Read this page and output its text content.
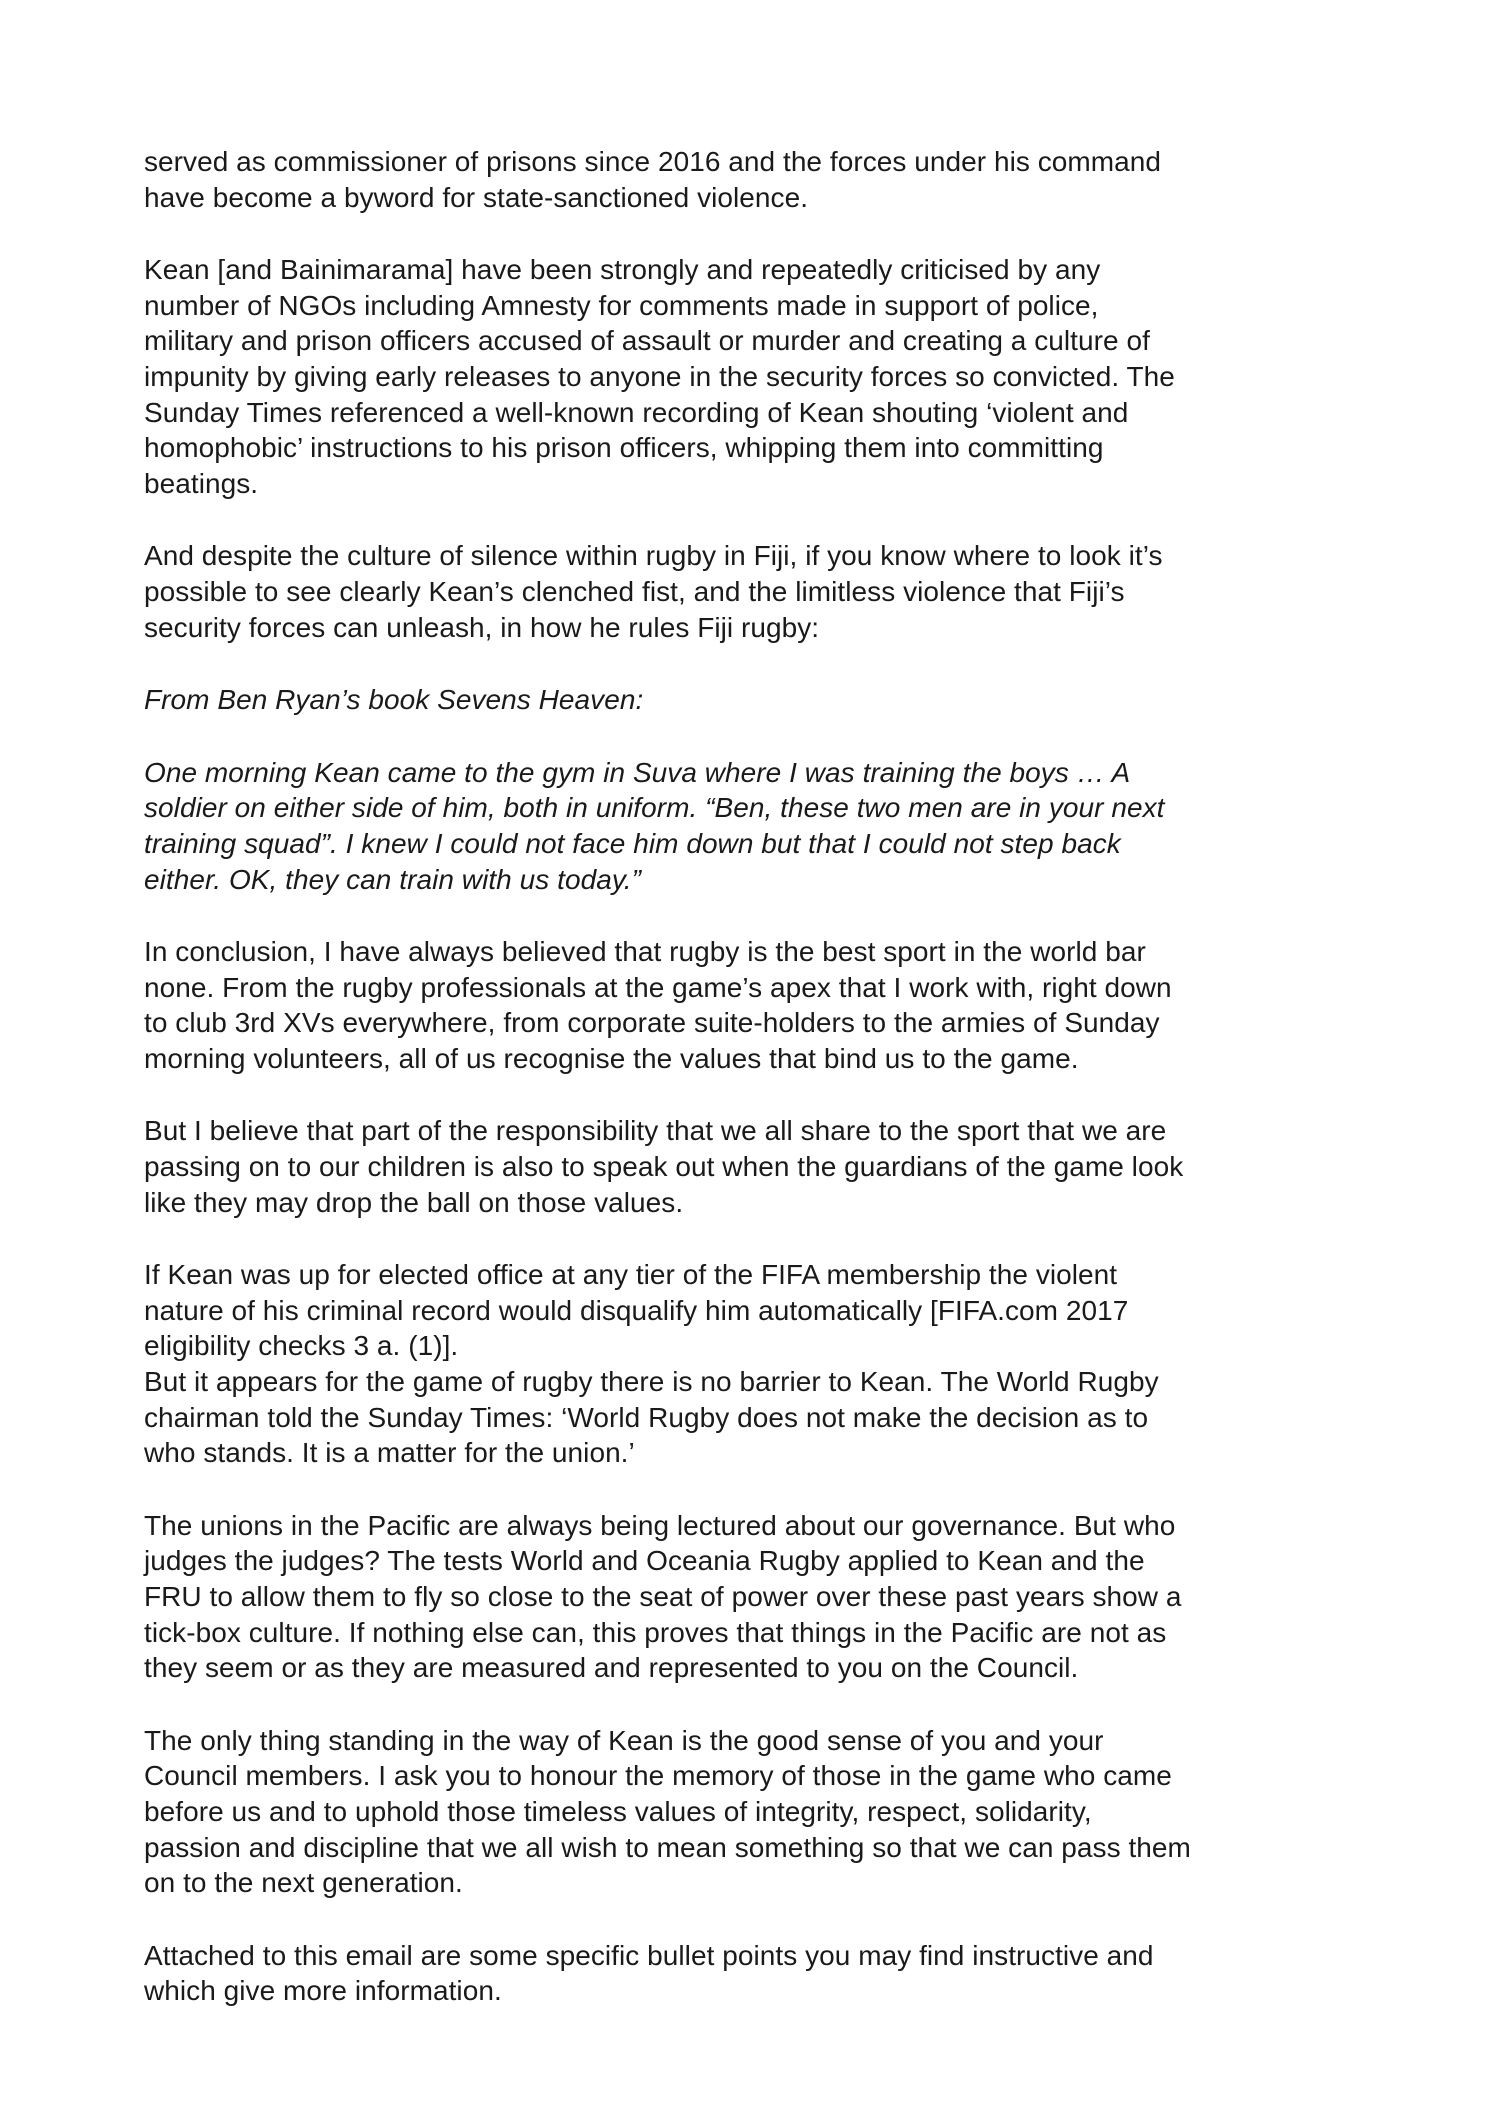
served as commissioner of prisons since 2016 and the forces under his command
have become a byword for state-sanctioned violence.

Kean [and Bainimarama] have been strongly and repeatedly criticised by any
number of NGOs including Amnesty for comments made in support of police,
military and prison officers accused of assault or murder and creating a culture of
impunity by giving early releases to anyone in the security forces so convicted. The
Sunday Times referenced a well-known recording of Kean shouting ‘violent and
homophobic’ instructions to his prison officers, whipping them into committing
beatings.

And despite the culture of silence within rugby in Fiji, if you know where to look it’s
possible to see clearly Kean’s clenched fist, and the limitless violence that Fiji’s
security forces can unleash, in how he rules Fiji rugby:

From Ben Ryan’s book Sevens Heaven:

One morning Kean came to the gym in Suva where I was training the boys … A
soldier on either side of him, both in uniform. “Ben, these two men are in your next
training squad”. I knew I could not face him down but that I could not step back
either. OK, they can train with us today.”

In conclusion, I have always believed that rugby is the best sport in the world bar
none. From the rugby professionals at the game’s apex that I work with, right down
to club 3rd XVs everywhere, from corporate suite-holders to the armies of Sunday
morning volunteers, all of us recognise the values that bind us to the game.

But I believe that part of the responsibility that we all share to the sport that we are
passing on to our children is also to speak out when the guardians of the game look
like they may drop the ball on those values.

If Kean was up for elected office at any tier of the FIFA membership the violent
nature of his criminal record would disqualify him automatically [FIFA.com 2017
eligibility checks 3 a. (1)].

But it appears for the game of rugby there is no barrier to Kean. The World Rugby
chairman told the Sunday Times: ‘World Rugby does not make the decision as to
who stands. It is a matter for the union.’

The unions in the Pacific are always being lectured about our governance. But who
judges the judges? The tests World and Oceania Rugby applied to Kean and the
FRU to allow them to fly so close to the seat of power over these past years show a
tick-box culture. If nothing else can, this proves that things in the Pacific are not as
they seem or as they are measured and represented to you on the Council.

The only thing standing in the way of Kean is the good sense of you and your
Council members. I ask you to honour the memory of those in the game who came
before us and to uphold those timeless values of integrity, respect, solidarity,
passion and discipline that we all wish to mean something so that we can pass them
on to the next generation.

Attached to this email are some specific bullet points you may find instructive and
which give more information.
